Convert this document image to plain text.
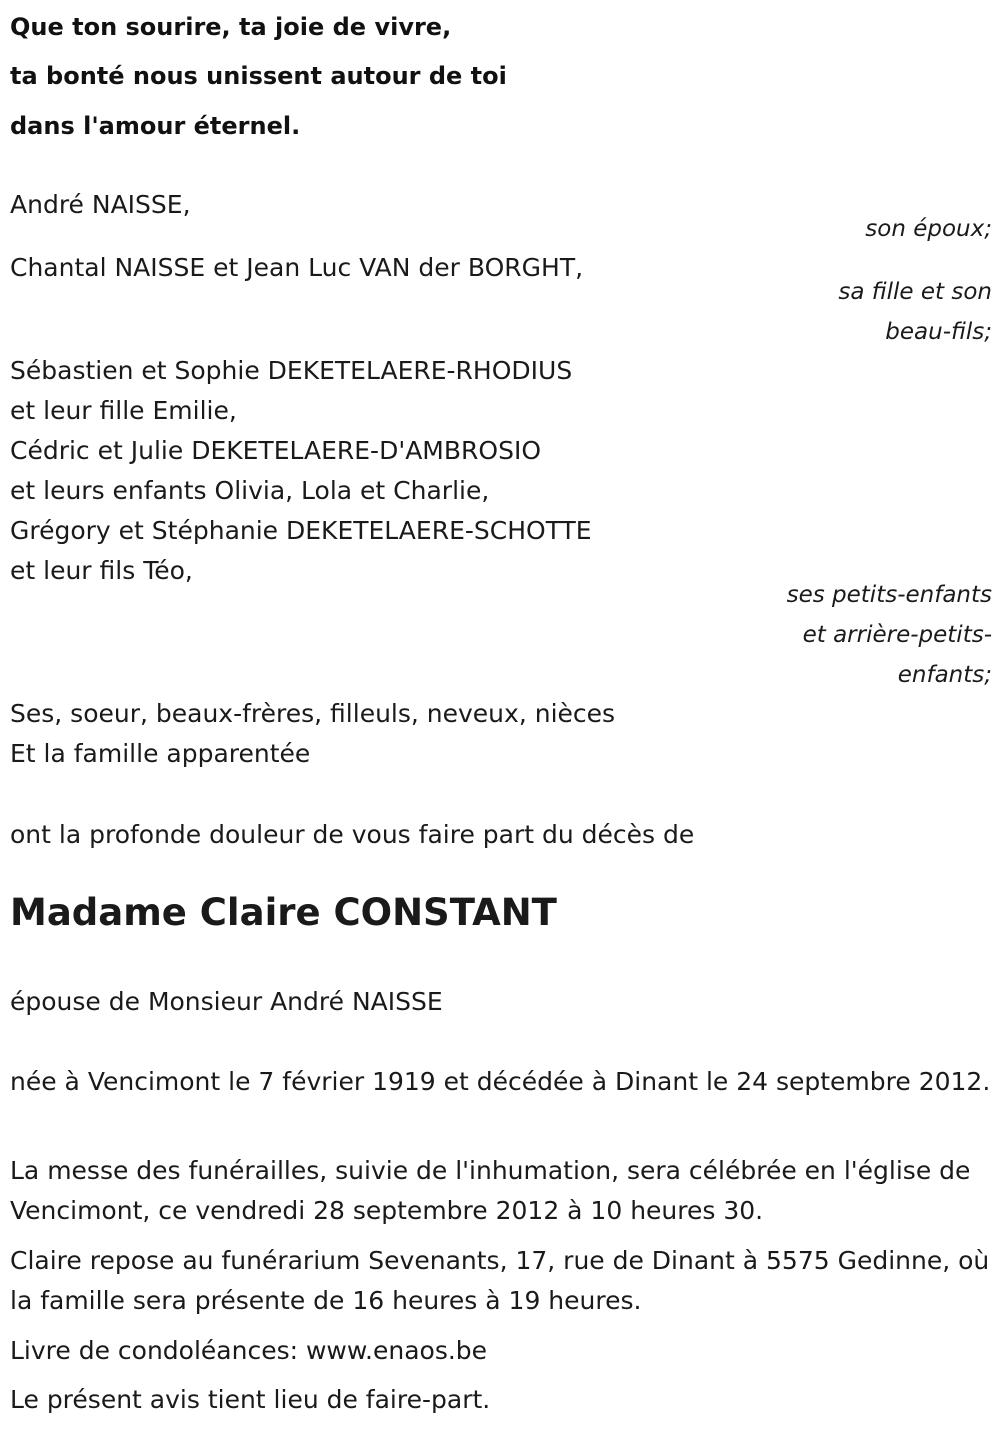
Que ton sourire, ta joie de vivre,
ta bonté nous unissent autour de toi
dans l'amour éternel.
André NAISSE,
son époux;
Chantal NAISSE et Jean Luc VAN der BORGHT,
sa fille et son
beau-fils;
Sébastien et Sophie DEKETELAERE-RHODIUS
et leur fille Emilie,
Cédric et Julie DEKETELAERE-D'AMBROSIO
et leurs enfants Olivia, Lola et Charlie,
Grégory et Stéphanie DEKETELAERE-SCHOTTE
et leur fils Téo,
ses petits-enfants
et arrière-petits-
enfants;
Ses, soeur, beaux-frères, filleuls, neveux, nièces
Et la famille apparentée
ont la profonde douleur de vous faire part du décès de
Madame Claire CONSTANT
épouse de Monsieur André NAISSE
née à Vencimont le 7 février 1919 et décédée à Dinant le 24 septembre 2012.
La messe des funérailles, suivie de l'inhumation, sera célébrée en l'église de Vencimont, ce vendredi 28 septembre 2012 à 10 heures 30.
Claire repose au funérarium Sevenants, 17, rue de Dinant à 5575 Gedinne, où la famille sera présente de 16 heures à 19 heures.
Livre de condoléances: www.enaos.be
Le présent avis tient lieu de faire-part.
